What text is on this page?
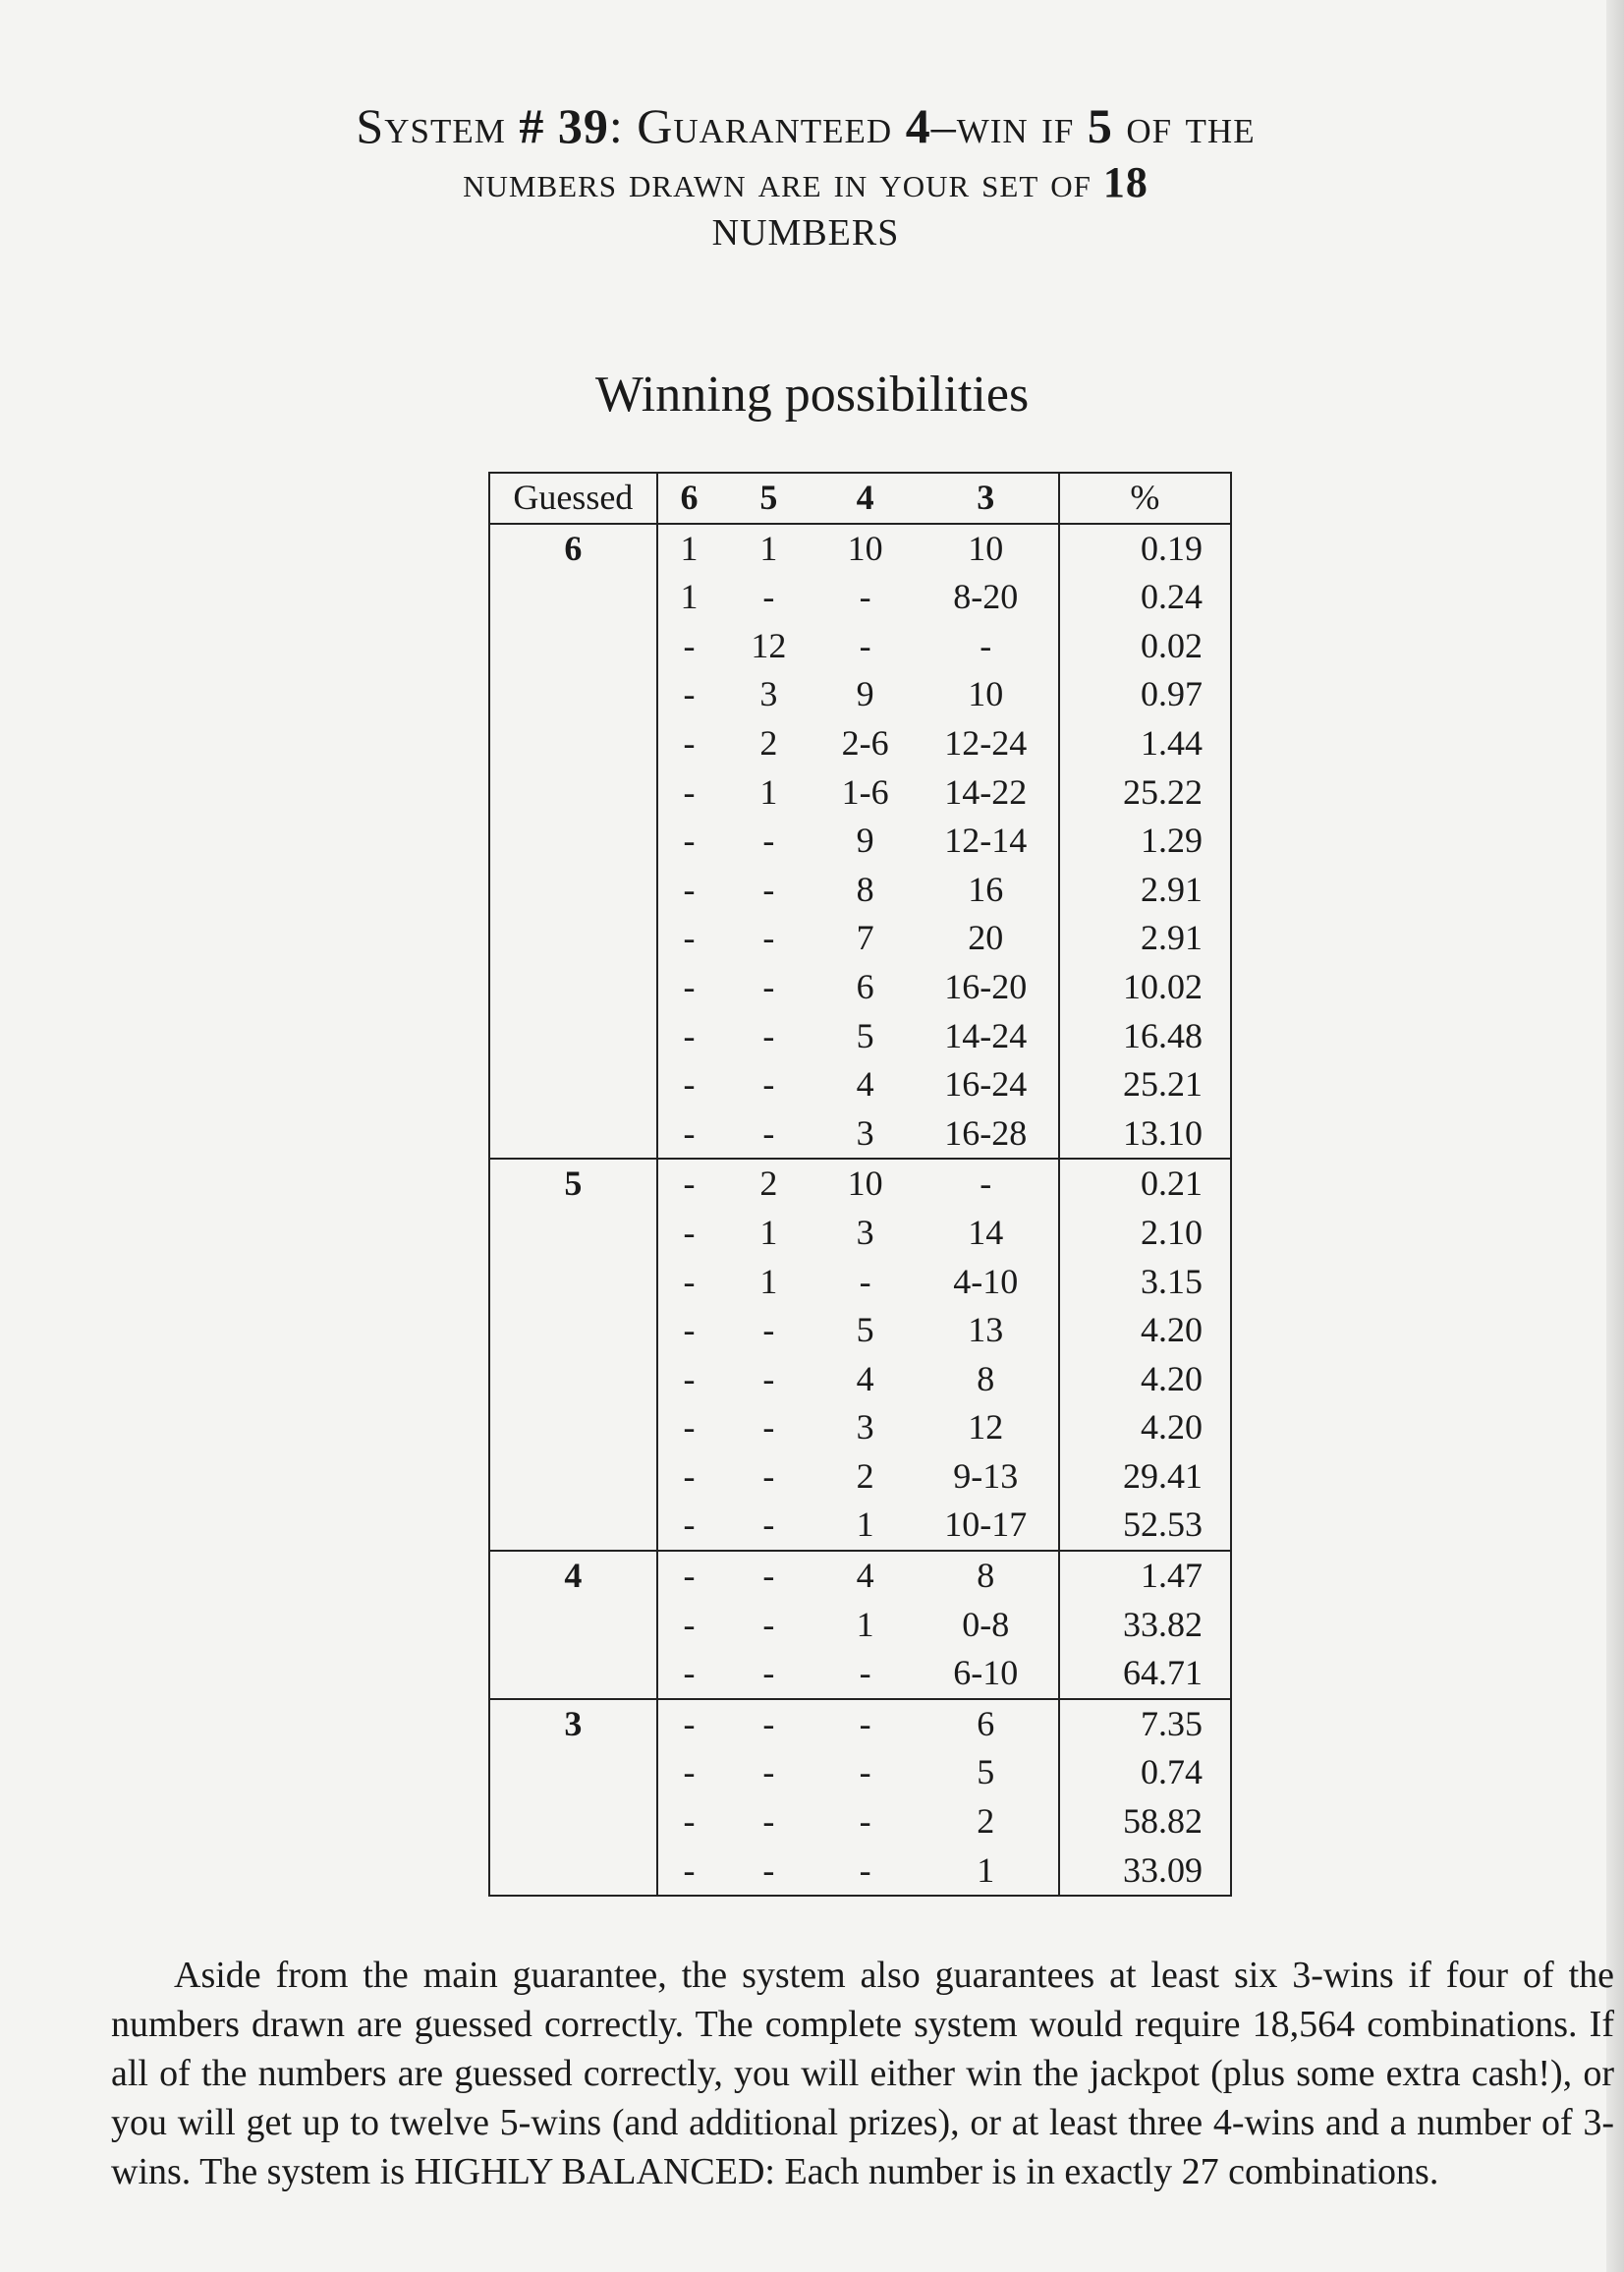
System # 39: Guaranteed 4–win if 5 of the
numbers drawn are in your set of 18
NUMBERS
Winning possibilities
Guessed	6	5	4	3	%
6	1	1	10	10	0.19
	1	-	-	8-20	0.24
	-	12	-	-	0.02
	-	3	9	10	0.97
	-	2	2-6	12-24	1.44
	-	1	1-6	14-22	25.22
	-	-	9	12-14	1.29
	-	-	8	16	2.91
	-	-	7	20	2.91
	-	-	6	16-20	10.02
	-	-	5	14-24	16.48
	-	-	4	16-24	25.21
	-	-	3	16-28	13.10
5	-	2	10	-	0.21
	-	1	3	14	2.10
	-	1	-	4-10	3.15
	-	-	5	13	4.20
	-	-	4	8	4.20
	-	-	3	12	4.20
	-	-	2	9-13	29.41
	-	-	1	10-17	52.53
4	-	-	4	8	1.47
	-	-	1	0-8	33.82
	-	-	-	6-10	64.71
3	-	-	-	6	7.35
	-	-	-	5	0.74
	-	-	-	2	58.82
	-	-	-	1	33.09
Aside from the main guarantee, the system also guarantees at least six 3-wins if four of the numbers drawn are guessed correctly. The complete system would require 18,564 combinations. If all of the numbers are guessed correctly, you will either win the jackpot (plus some extra cash!), or you will get up to twelve 5-wins (and additional prizes), or at least three 4-wins and a number of 3-wins. The system is HIGHLY BALANCED: Each number is in exactly 27 combinations.
